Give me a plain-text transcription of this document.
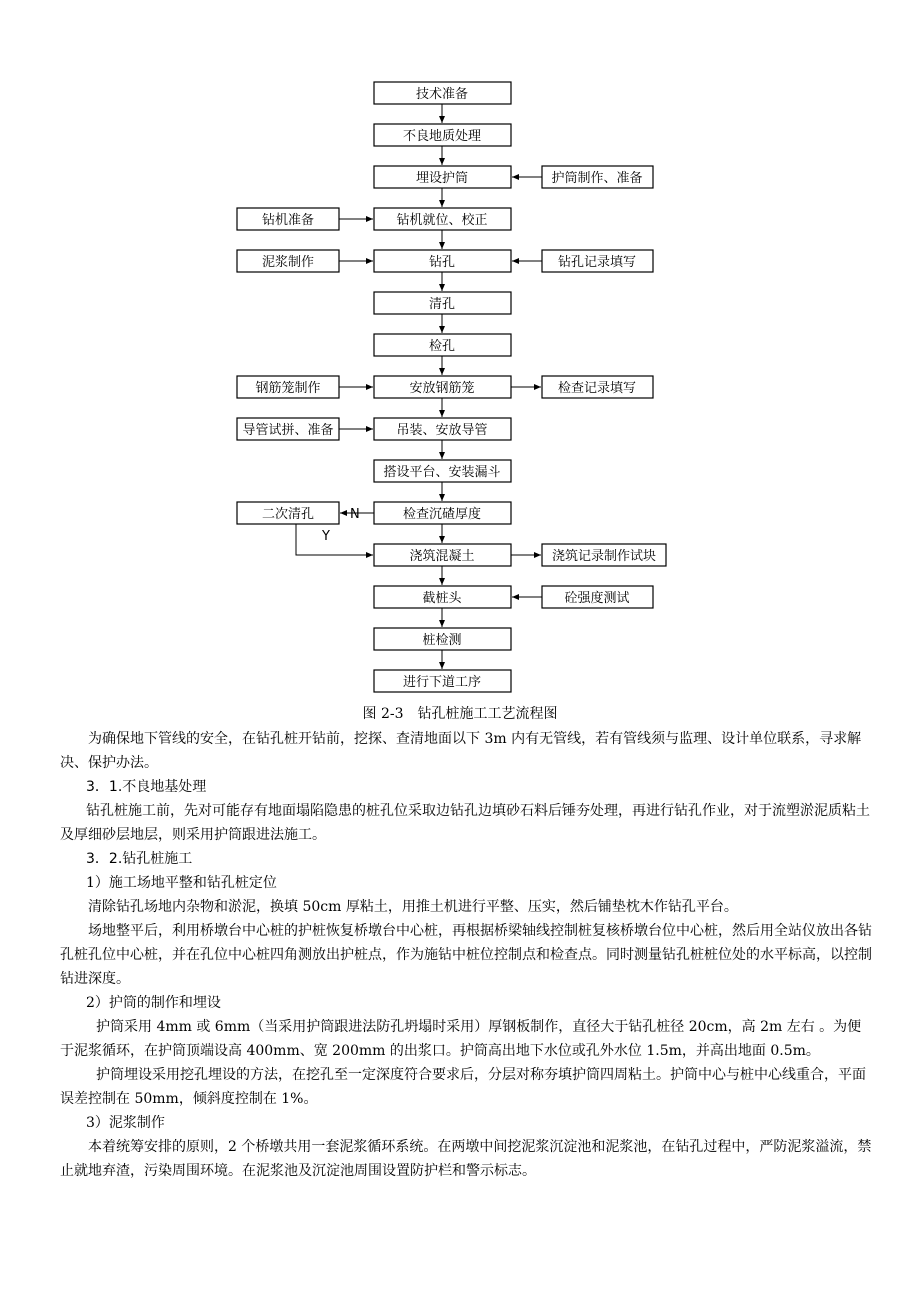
技术准备
不良地质处理
埋设护筒
钻机就位、校正
钻孔
清孔
检孔
安放钢筋笼
吊装、安放导管
搭设平台、安装漏斗
检查沉碴厚度
浇筑混凝土
截桩头
桩检测
进行下道工序
钻机准备
泥浆制作
钢筋笼制作
导管试拼、准备
二次清孔
护筒制作、准备
钻孔记录填写
检查记录填写
浇筑记录制作试块
砼强度测试
N
Y
图 2-3　钻孔桩施工工艺流程图

为确保地下管线的安全，在钻孔桩开钻前，挖探、查清地面以下 3m 内有无管线，若有管线须与监理、设计单位联系，寻求解决、保护办法。

3．1.不良地基处理

钻孔桩施工前，先对可能存有地面塌陷隐患的桩孔位采取边钻孔边填砂石料后锤夯处理，再进行钻孔作业，对于流塑淤泥质粘土及厚细砂层地层，则采用护筒跟进法施工。

3．2.钻孔桩施工

1）施工场地平整和钻孔桩定位

清除钻孔场地内杂物和淤泥，换填 50cm 厚粘土，用推土机进行平整、压实，然后铺垫枕木作钻孔平台。

场地整平后，利用桥墩台中心桩的护桩恢复桥墩台中心桩，再根据桥梁轴线控制桩复核桥墩台位中心桩，然后用全站仪放出各钻孔桩孔位中心桩，并在孔位中心桩四角测放出护桩点，作为施钻中桩位控制点和检查点。同时测量钻孔桩桩位处的水平标高，以控制钻进深度。

2）护筒的制作和埋设

护筒采用 4mm 或 6mm（当采用护筒跟进法防孔坍塌时采用）厚钢板制作，直径大于钻孔桩径 20cm，高 2m 左右 。为便于泥浆循环，在护筒顶端设高 400mm、宽 200mm 的出浆口。护筒高出地下水位或孔外水位 1.5m，并高出地面 0.5m。

护筒埋设采用挖孔埋设的方法，在挖孔至一定深度符合要求后，分层对称夯填护筒四周粘土。护筒中心与桩中心线重合，平面误差控制在 50mm，倾斜度控制在 1%。

3）泥浆制作

本着统筹安排的原则，2 个桥墩共用一套泥浆循环系统。在两墩中间挖泥浆沉淀池和泥浆池，在钻孔过程中，严防泥浆溢流，禁止就地弃渣，污染周围环境。在泥浆池及沉淀池周围设置防护栏和警示标志。
